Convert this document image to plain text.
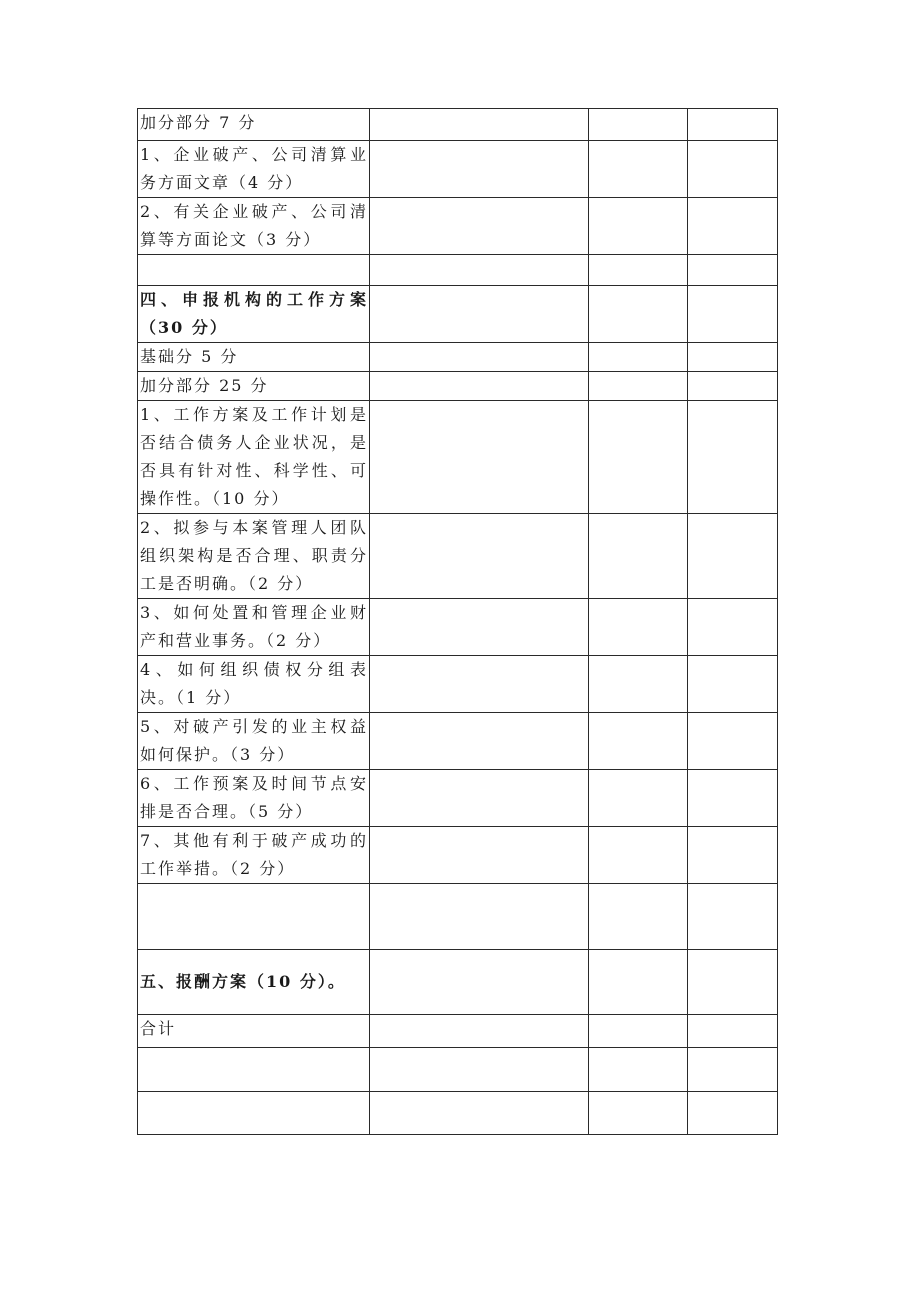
加分部分 7 分			
1、企业破产、公司清算业务方面文章（4 分）			
2、有关企业破产、公司清算等方面论文（3 分）			

四、申报机构的工作方案（30 分）			
基础分 5 分			
加分部分 25 分			
1、工作方案及工作计划是否结合债务人企业状况，是否具有针对性、科学性、可操作性。（10 分）			
2、拟参与本案管理人团队组织架构是否合理、职责分工是否明确。（2 分）			
3、如何处置和管理企业财产和营业事务。（2 分）			
4、如何组织债权分组表决。（1 分）			
5、对破产引发的业主权益如何保护。（3 分）			
6、工作预案及时间节点安排是否合理。（5 分）			
7、其他有利于破产成功的工作举措。（2 分）			

五、报酬方案（10 分）。			
合计			
